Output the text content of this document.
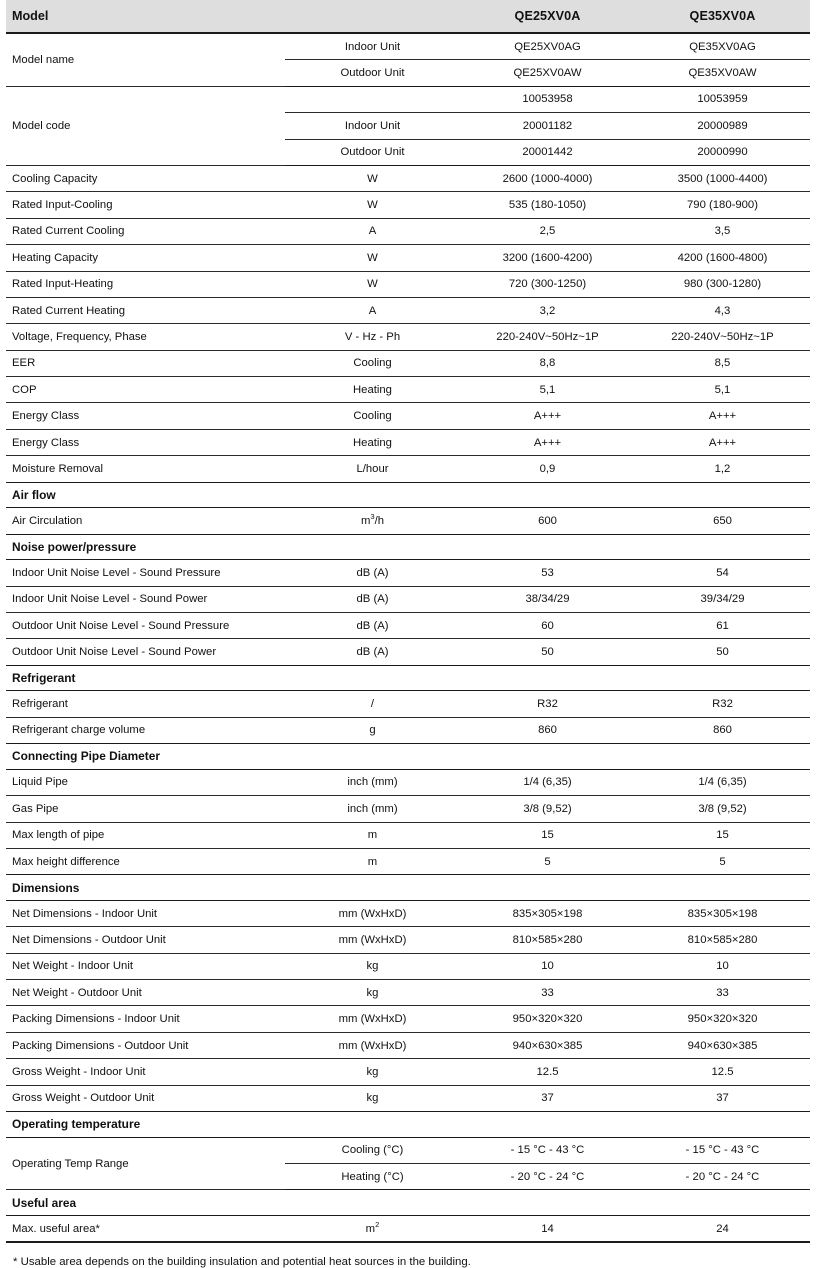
Model		QE25XV0A	QE35XV0A
Model name	Indoor Unit	QE25XV0AG	QE35XV0AG
	Outdoor Unit	QE25XV0AW	QE35XV0AW
Model code		10053958	10053959
	Indoor Unit	20001182	20000989
	Outdoor Unit	20001442	20000990
Cooling Capacity	W	2600 (1000-4000)	3500 (1000-4400)
Rated Input-Cooling	W	535 (180-1050)	790 (180-900)
Rated Current Cooling	A	2,5	3,5
Heating Capacity	W	3200 (1600-4200)	4200 (1600-4800)
Rated Input-Heating	W	720 (300-1250)	980 (300-1280)
Rated Current Heating	A	3,2	4,3
Voltage, Frequency, Phase	V - Hz - Ph	220-240V~50Hz~1P	220-240V~50Hz~1P
EER	Cooling	8,8	8,5
COP	Heating	5,1	5,1
Energy Class	Cooling	A+++	A+++
Energy Class	Heating	A+++	A+++
Moisture Removal	L/hour	0,9	1,2
Air flow			
Air Circulation	$m^3/h$	600	650
Noise power/pressure			
Indoor Unit Noise Level - Sound Pressure	dB (A)	53	54
Indoor Unit Noise Level - Sound Power	dB (A)	38/34/29	39/34/29
Outdoor Unit Noise Level - Sound Pressure	dB (A)	60	61
Outdoor Unit Noise Level - Sound Power	dB (A)	50	50
Refrigerant			
Refrigerant	/	R32	R32
Refrigerant charge volume	g	860	860
Connecting Pipe Diameter			
Liquid Pipe	inch (mm)	1/4 (6,35)	1/4 (6,35)
Gas Pipe	inch (mm)	3/8 (9,52)	3/8 (9,52)
Max length of pipe	m	15	15
Max height difference	m	5	5
Dimensions			
Net Dimensions - Indoor Unit	mm (WxHxD)	835×305×198	835×305×198
Net Dimensions - Outdoor Unit	mm (WxHxD)	810×585×280	810×585×280
Net Weight - Indoor Unit	kg	10	10
Net Weight - Outdoor Unit	kg	33	33
Packing Dimensions - Indoor Unit	mm (WxHxD)	950×320×320	950×320×320
Packing Dimensions - Outdoor Unit	mm (WxHxD)	940×630×385	940×630×385
Gross Weight - Indoor Unit	kg	12.5	12.5
Gross Weight - Outdoor Unit	kg	37	37
Operating temperature			
Operating Temp Range	Cooling (°C)	- 15 °C - 43 °C	- 15 °C - 43 °C
	Heating (°C)	- 20 °C - 24 °C	- 20 °C - 24 °C
Useful area			
Max. useful area*	$m^2$	14	24
* Usable area depends on the building insulation and potential heat sources in the building.
